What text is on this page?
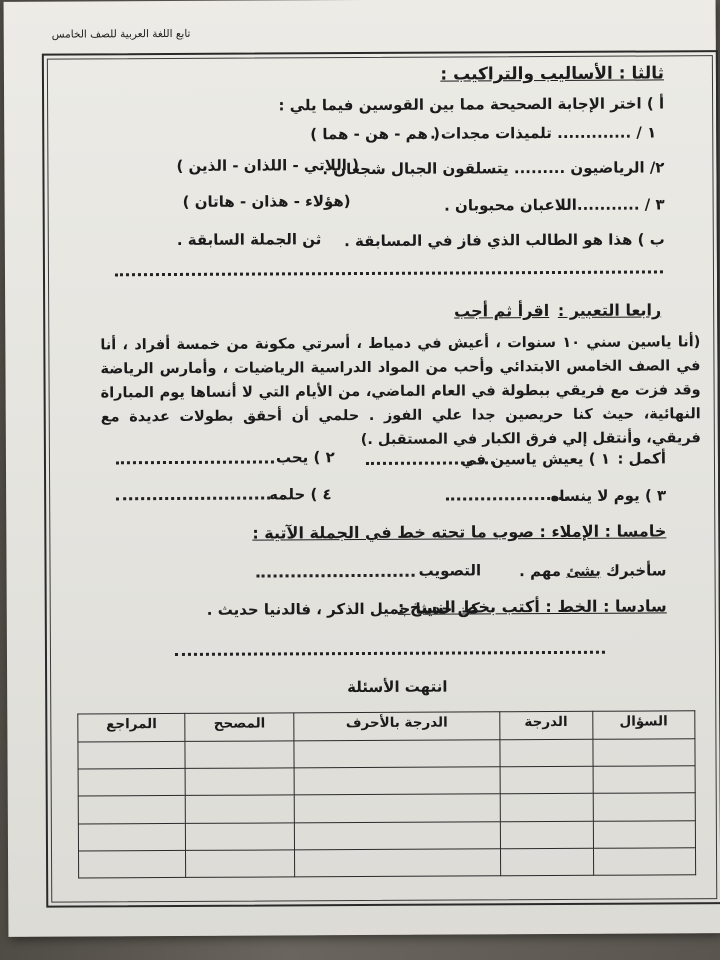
تابع اللغة العربية للصف الخامس
ثالثا : الأساليب والتراكيب :
أ ) اختر الإجابة الصحيحة مما بين القوسين فيما يلي :
١ / ............. تلميذات مجدات .
( هم - هن - هما )
٢/ الرياضيون ......... يتسلقون الجبال شجعان .
( اللاتي - اللذان - الذين )
٣ / ...........اللاعبان محبوبان .
(هؤلاء - هذان - هاتان )
ب ) هذا هو الطالب الذي فاز في المسابقة .
ثن الجملة السابقة .
رابعا التعبير :
اقرأ ثم أجب
(أنا ياسين سني ١٠ سنوات ، أعيش في دمياط ، أسرتي مكونة من خمسة أفراد ، أنا في الصف الخامس الابتدائي وأحب من المواد الدراسية الرياضيات ، وأمارس الرياضة وقد فزت مع فريقي ببطولة في العام الماضي، من الأيام التي لا أنساها يوم المباراة النهائية، حيث كنا حريصين جدا علي الفوز . حلمي أن أحقق بطولات عديدة مع فريقي، وأنتقل إلي فرق الكبار في المستقبل .)
أكمل :
١ ) يعيش ياسين في
٢ ) يحب
٣ ) يوم لا ينساه
٤ ) حلمه
خامسا : الإملاء : صوب ما تحته خط في الجملة الآتية :
سأخبرك بشئ مهم .
التصويب
سادسا : الخط : أكتب بخط النسخ :
كن حديثا جميل الذكر ، فالدنيا حديث .
انتهت الأسئلة
السؤال	الدرجة	الدرجة بالأحرف	المصحح	المراجع
